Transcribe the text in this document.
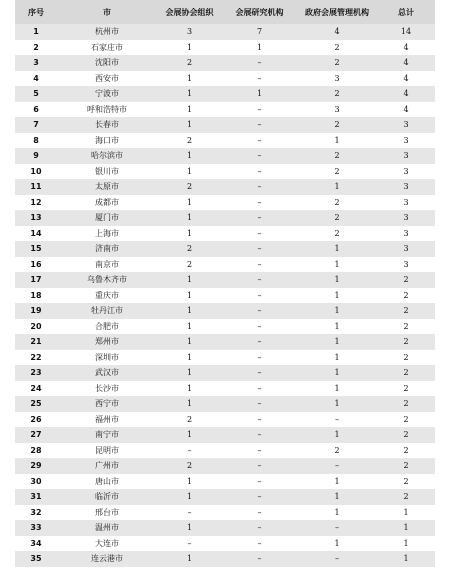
序号	市	会展协会组织	会展研究机构	政府会展管理机构	总计
1	杭州市	3	7	4	14
2	石家庄市	1	1	2	4
3	沈阳市	2	–	2	4
4	西安市	1	–	3	4
5	宁波市	1	1	2	4
6	呼和浩特市	1	–	3	4
7	长春市	1	–	2	3
8	海口市	2	–	1	3
9	哈尔滨市	1	–	2	3
10	银川市	1	–	2	3
11	太原市	2	–	1	3
12	成都市	1	–	2	3
13	厦门市	1	–	2	3
14	上海市	1	–	2	3
15	济南市	2	–	1	3
16	南京市	2	–	1	3
17	乌鲁木齐市	1	–	1	2
18	重庆市	1	–	1	2
19	牡丹江市	1	–	1	2
20	合肥市	1	–	1	2
21	郑州市	1	–	1	2
22	深圳市	1	–	1	2
23	武汉市	1	–	1	2
24	长沙市	1	–	1	2
25	西宁市	1	–	1	2
26	福州市	2	–	–	2
27	南宁市	1	–	1	2
28	昆明市	–	–	2	2
29	广州市	2	–	–	2
30	唐山市	1	–	1	2
31	临沂市	1	–	1	2
32	邢台市	–	–	1	1
33	温州市	1	–	–	1
34	大连市	–	–	1	1
35	连云港市	1	–	–	1
